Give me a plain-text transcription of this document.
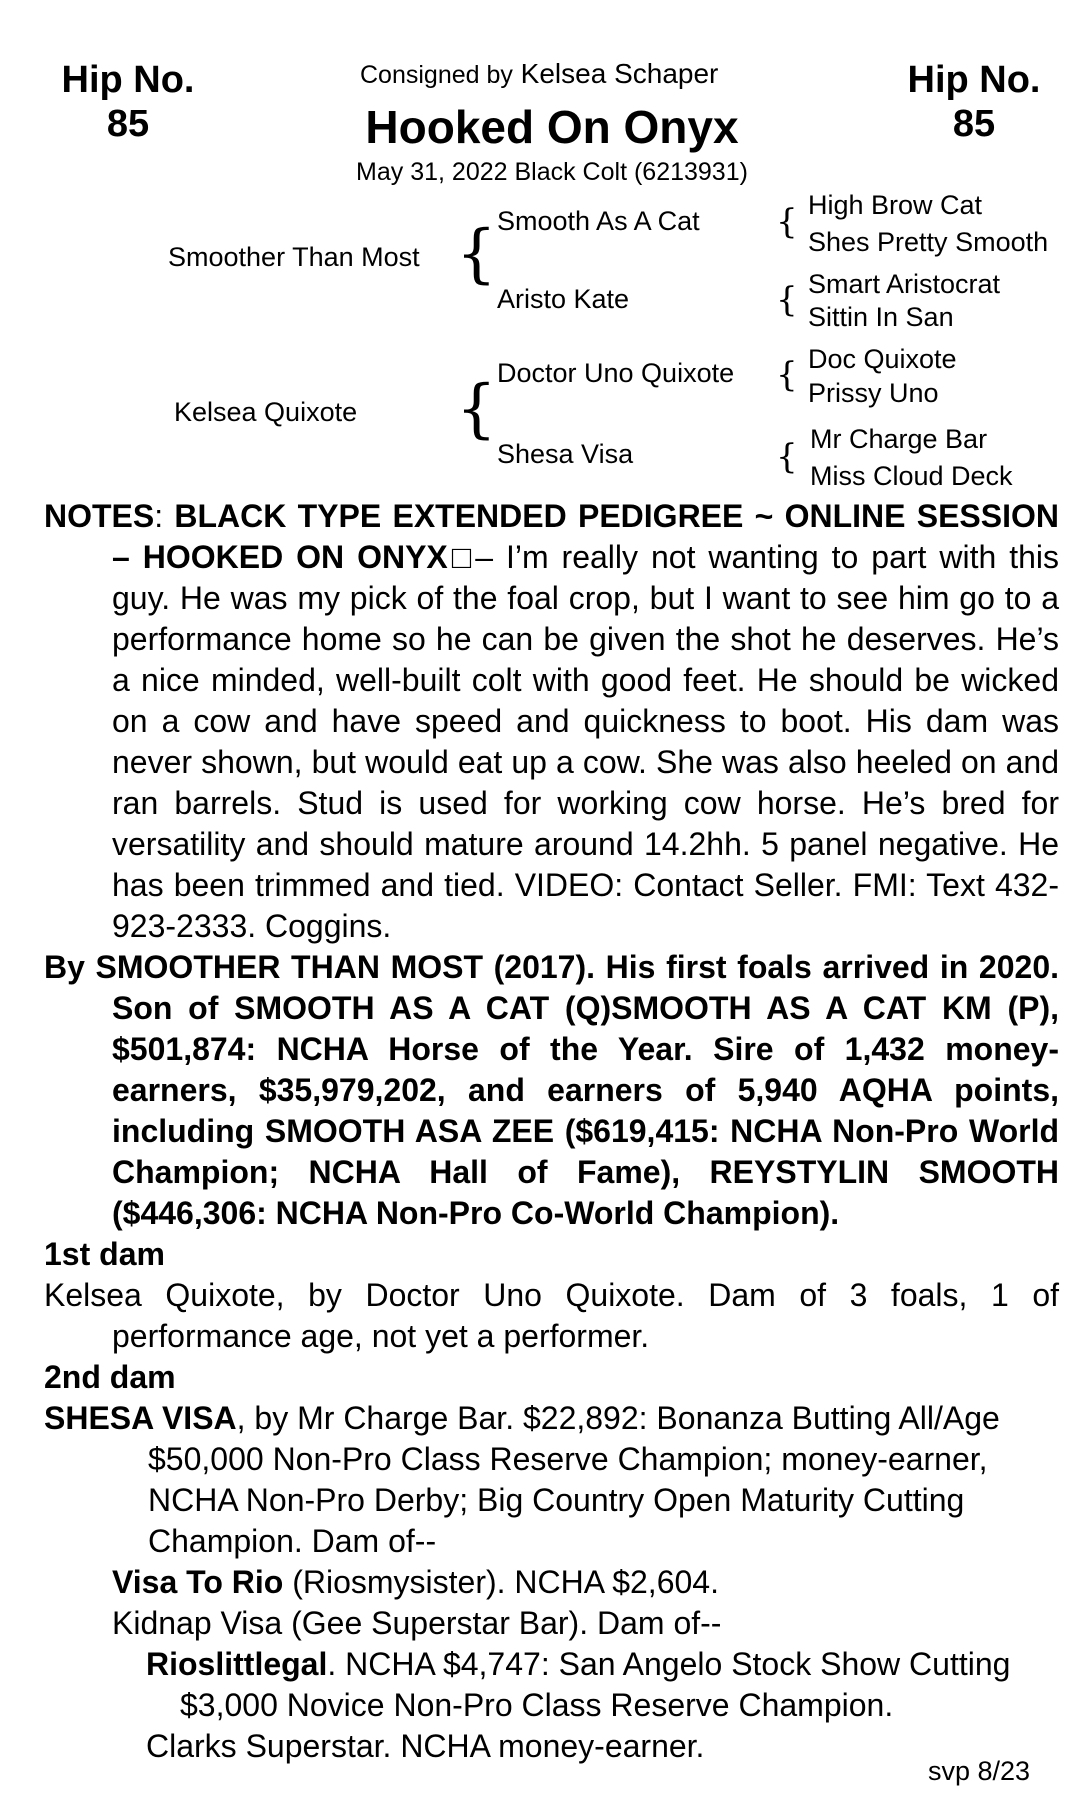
Hip No.
85
Hip No.
85
Consigned by Kelsea Schaper
Hooked On Onyx
May 31, 2022 Black Colt (6213931)
Smoother Than Most { Smooth As A Cat
Aristo Kate
{ High Brow Cat
Shes Pretty Smooth
{ Smart Aristocrat
Sittin In San
Kelsea Quixote { Doctor Uno Quixote
Shesa Visa
{ Doc Quixote
Prissy Uno
{ Mr Charge Bar
Miss Cloud Deck

NOTES: BLACK TYPE EXTENDED PEDIGREE ~ ONLINE SESSION – HOOKED ON ONYX□– I’m really not wanting to part with this guy. He was my pick of the foal crop, but I want to see him go to a performance home so he can be given the shot he deserves. He’s a nice minded, well-built colt with good feet. He should be wicked on a cow and have speed and quickness to boot. His dam was never shown, but would eat up a cow. She was also heeled on and ran barrels. Stud is used for working cow horse. He’s bred for versatility and should mature around 14.2hh. 5 panel negative. He has been trimmed and tied. VIDEO: Contact Seller. FMI: Text 432-923-2333. Coggins.

By SMOOTHER THAN MOST (2017). His first foals arrived in 2020. Son of SMOOTH AS A CAT (Q)SMOOTH AS A CAT KM (P), $501,874: NCHA Horse of the Year. Sire of 1,432 money-earners, $35,979,202, and earners of 5,940 AQHA points, including SMOOTH ASA ZEE ($619,415: NCHA Non-Pro World Champion; NCHA Hall of Fame), REYSTYLIN SMOOTH ($446,306: NCHA Non-Pro Co-World Champion).

1st dam

Kelsea Quixote, by Doctor Uno Quixote. Dam of 3 foals, 1 of performance age, not yet a performer.

2nd dam

SHESA VISA, by Mr Charge Bar. $22,892: Bonanza Butting All/Age $50,000 Non-Pro Class Reserve Champion; money-earner, NCHA Non-Pro Derby; Big Country Open Maturity Cutting Champion. Dam of--

Visa To Rio (Riosmysister). NCHA $2,604.

Kidnap Visa (Gee Superstar Bar). Dam of--

Rioslittlegal. NCHA $4,747: San Angelo Stock Show Cutting $3,000 Novice Non-Pro Class Reserve Champion.

Clarks Superstar. NCHA money-earner.

svp 8/23
